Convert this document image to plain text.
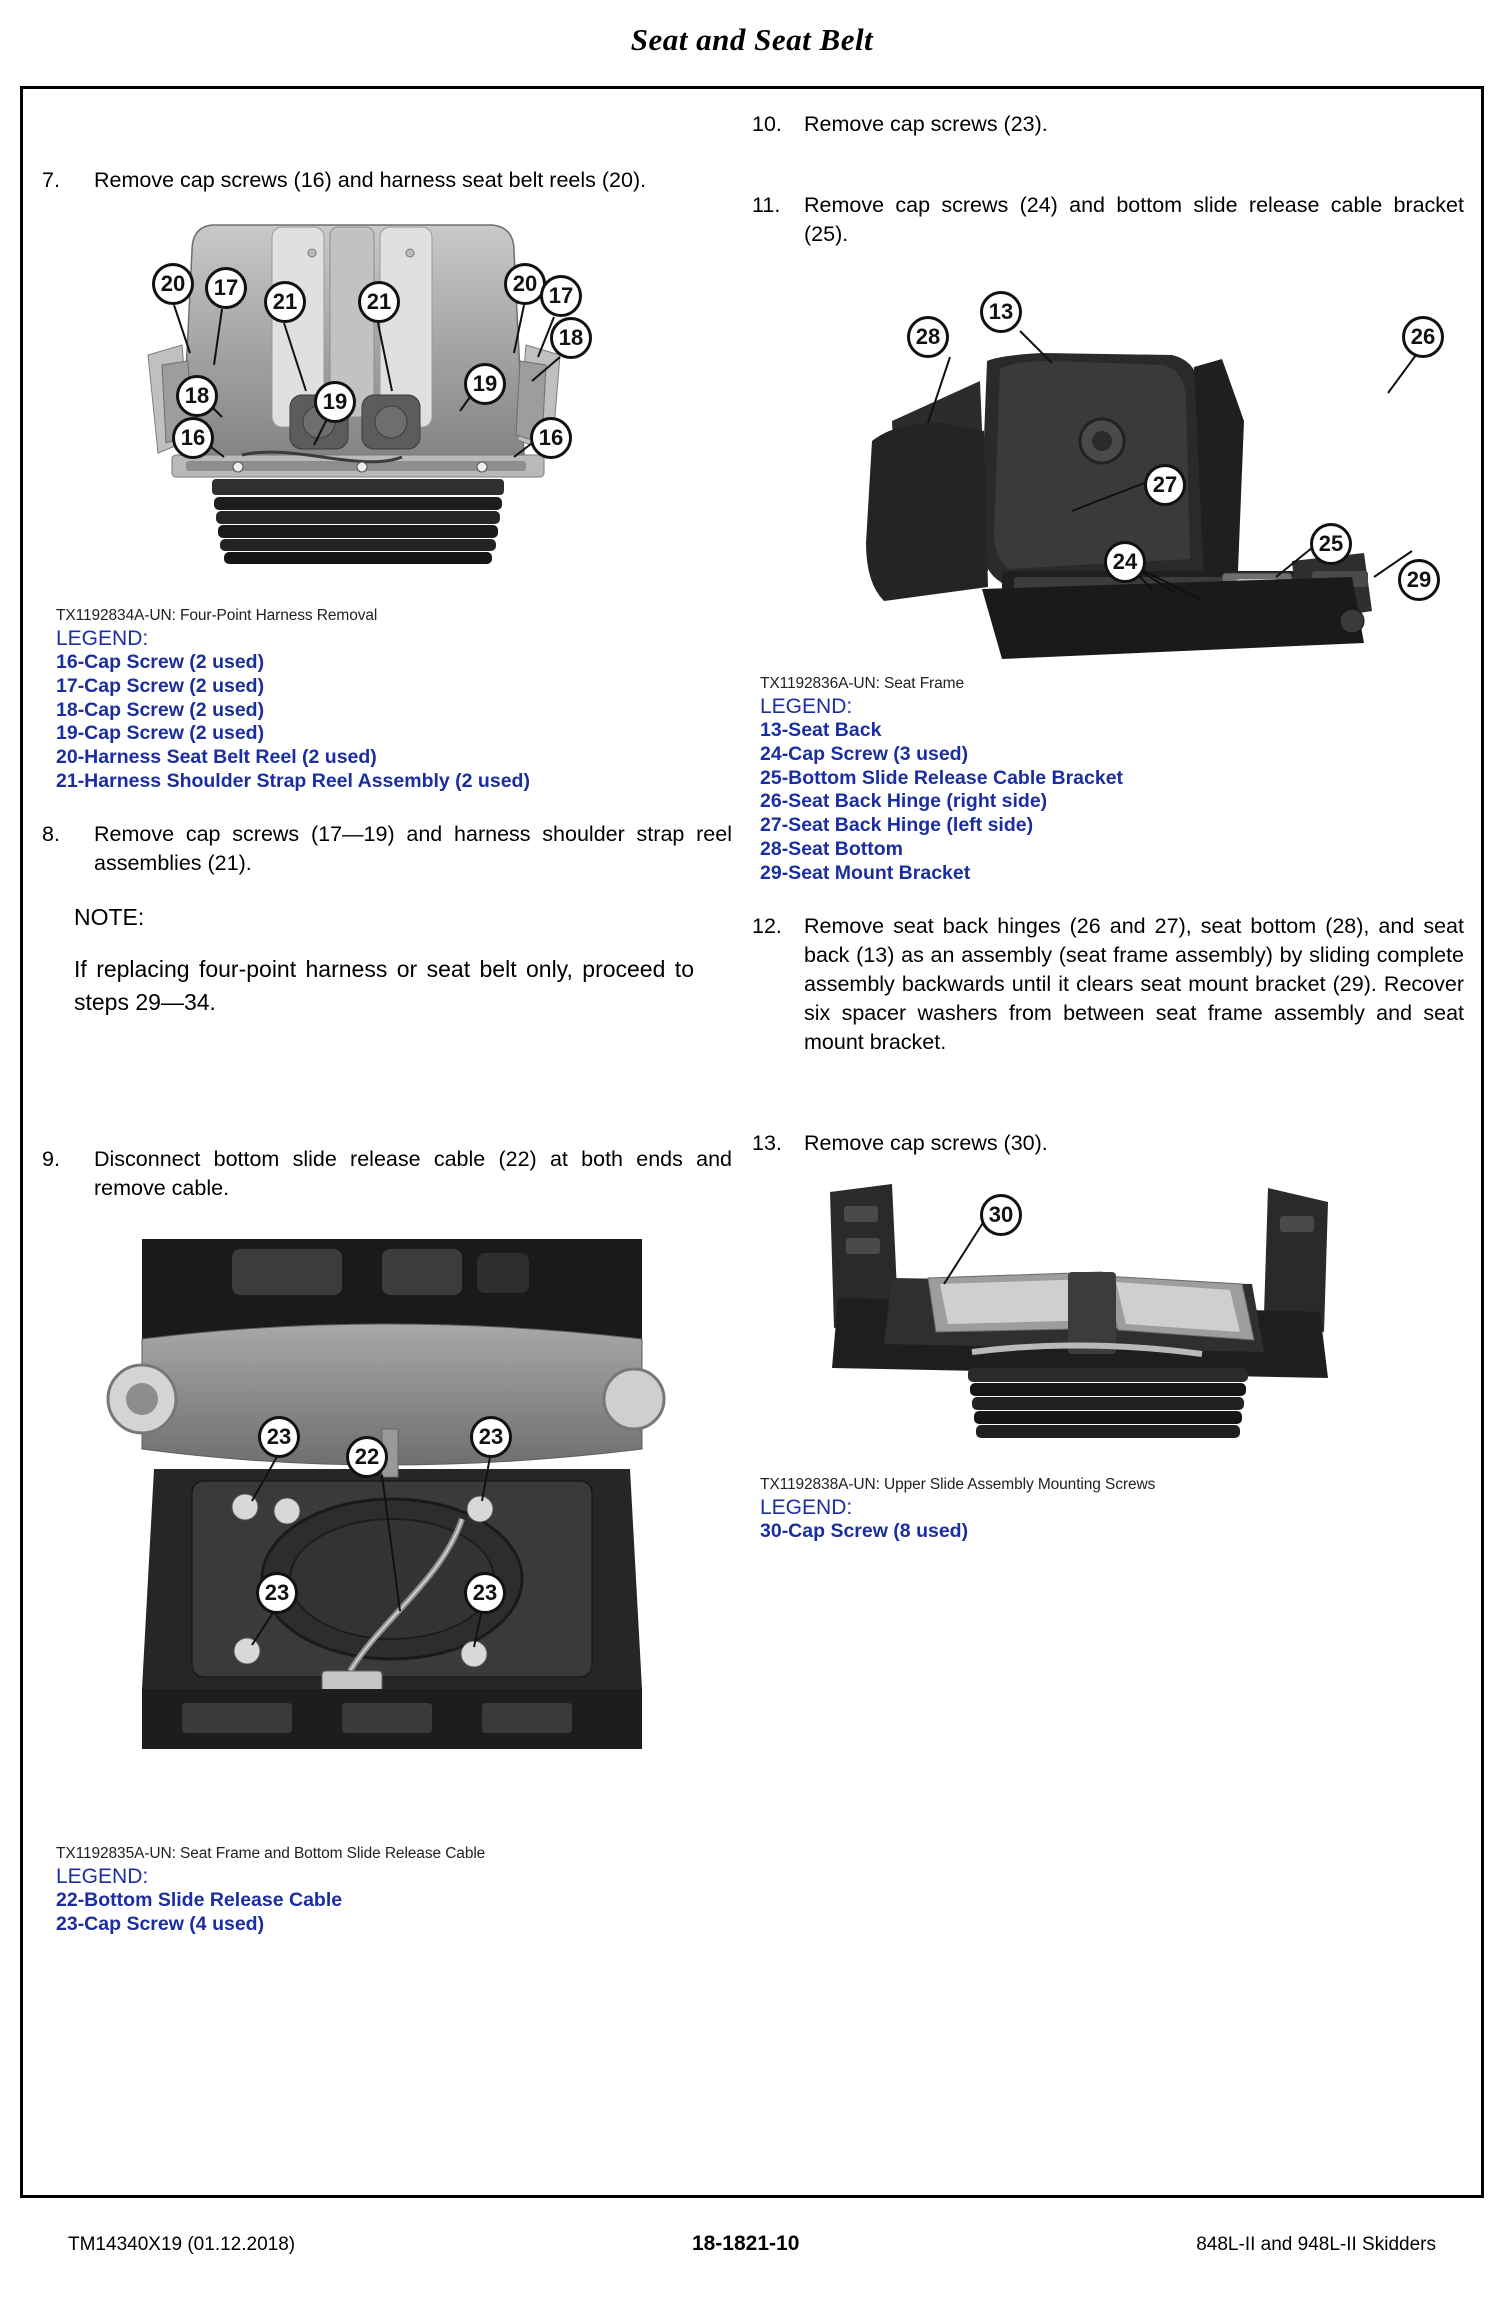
Seat and Seat Belt
7.	Remove cap screws (16) and harness seat belt reels (20).
20	17
21	21
20 17
18
19
18	19
16	16
TX1192834A-UN: Four-Point Harness Removal
LEGEND:
16-Cap Screw (2 used)
17-Cap Screw (2 used)
18-Cap Screw (2 used)
19-Cap Screw (2 used)
20-Harness Seat Belt Reel (2 used)
21-Harness Shoulder Strap Reel Assembly (2 used)
8.	Remove cap screws (17—19) and harness shoulder strap reel assemblies (21).
NOTE:
If replacing four-point harness or seat belt only, proceed to steps 29—34.
9.	Disconnect bottom slide release cable (22) at both ends and remove cable.
23	23
22
23	23
TX1192835A-UN: Seat Frame and Bottom Slide Release Cable
LEGEND:
22-Bottom Slide Release Cable
23-Cap Screw (4 used)
10.	Remove cap screws (23).
11.	Remove cap screws (24) and bottom slide release cable bracket (25).
13
28	26
27
24
25
29
TX1192836A-UN: Seat Frame
LEGEND:
13-Seat Back
24-Cap Screw (3 used)
25-Bottom Slide Release Cable Bracket
26-Seat Back Hinge (right side)
27-Seat Back Hinge (left side)
28-Seat Bottom
29-Seat Mount Bracket
12.	Remove seat back hinges (26 and 27), seat bottom (28), and seat back (13) as an assembly (seat frame assembly) by sliding complete assembly backwards until it clears seat mount bracket (29). Recover six spacer washers from between seat frame assembly and seat mount bracket.
13.	Remove cap screws (30).
30
TX1192838A-UN: Upper Slide Assembly Mounting Screws
LEGEND:
30-Cap Screw (8 used)
TM14340X19 (01.12.2018)	18-1821-10	848L-II and 948L-II Skidders
